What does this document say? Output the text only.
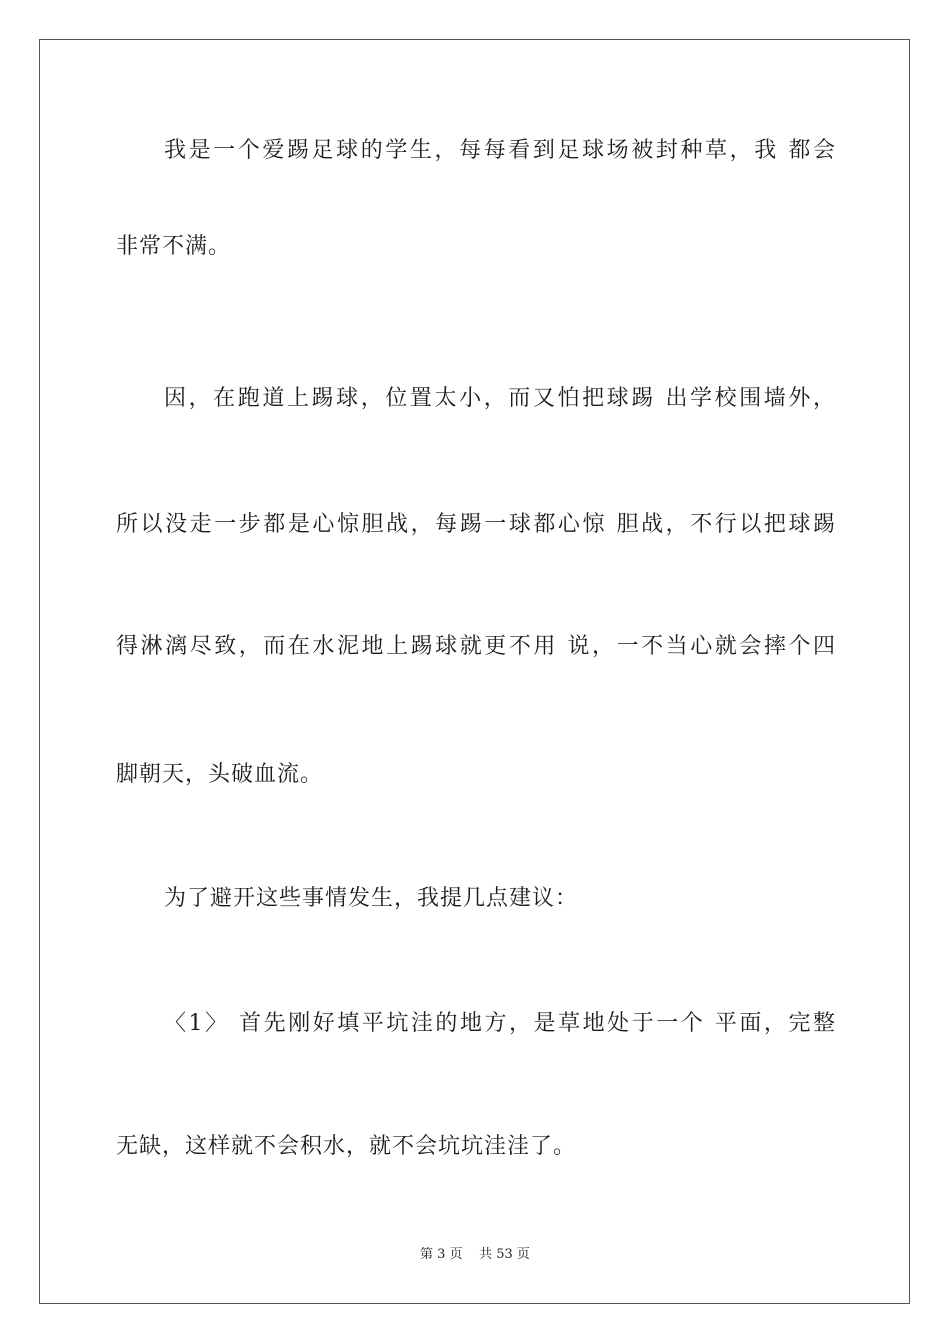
我是一个爱踢足球的学生，每每看到足球场被封种草，我 都会
非常不满。
因，在跑道上踢球，位置太小，而又怕把球踢 出学校围墙外，
所以没走一步都是心惊胆战，每踢一球都心惊 胆战，不行以把球踢
得淋漓尽致，而在水泥地上踢球就更不用 说，一不当心就会摔个四
脚朝天，头破血流。
为了避开这些事情发生，我提几点建议：
〈1〉 首先刚好填平坑洼的地方，是草地处于一个 平面，完整
无缺，这样就不会积水，就不会坑坑洼洼了。
第 3 页 共 53 页
